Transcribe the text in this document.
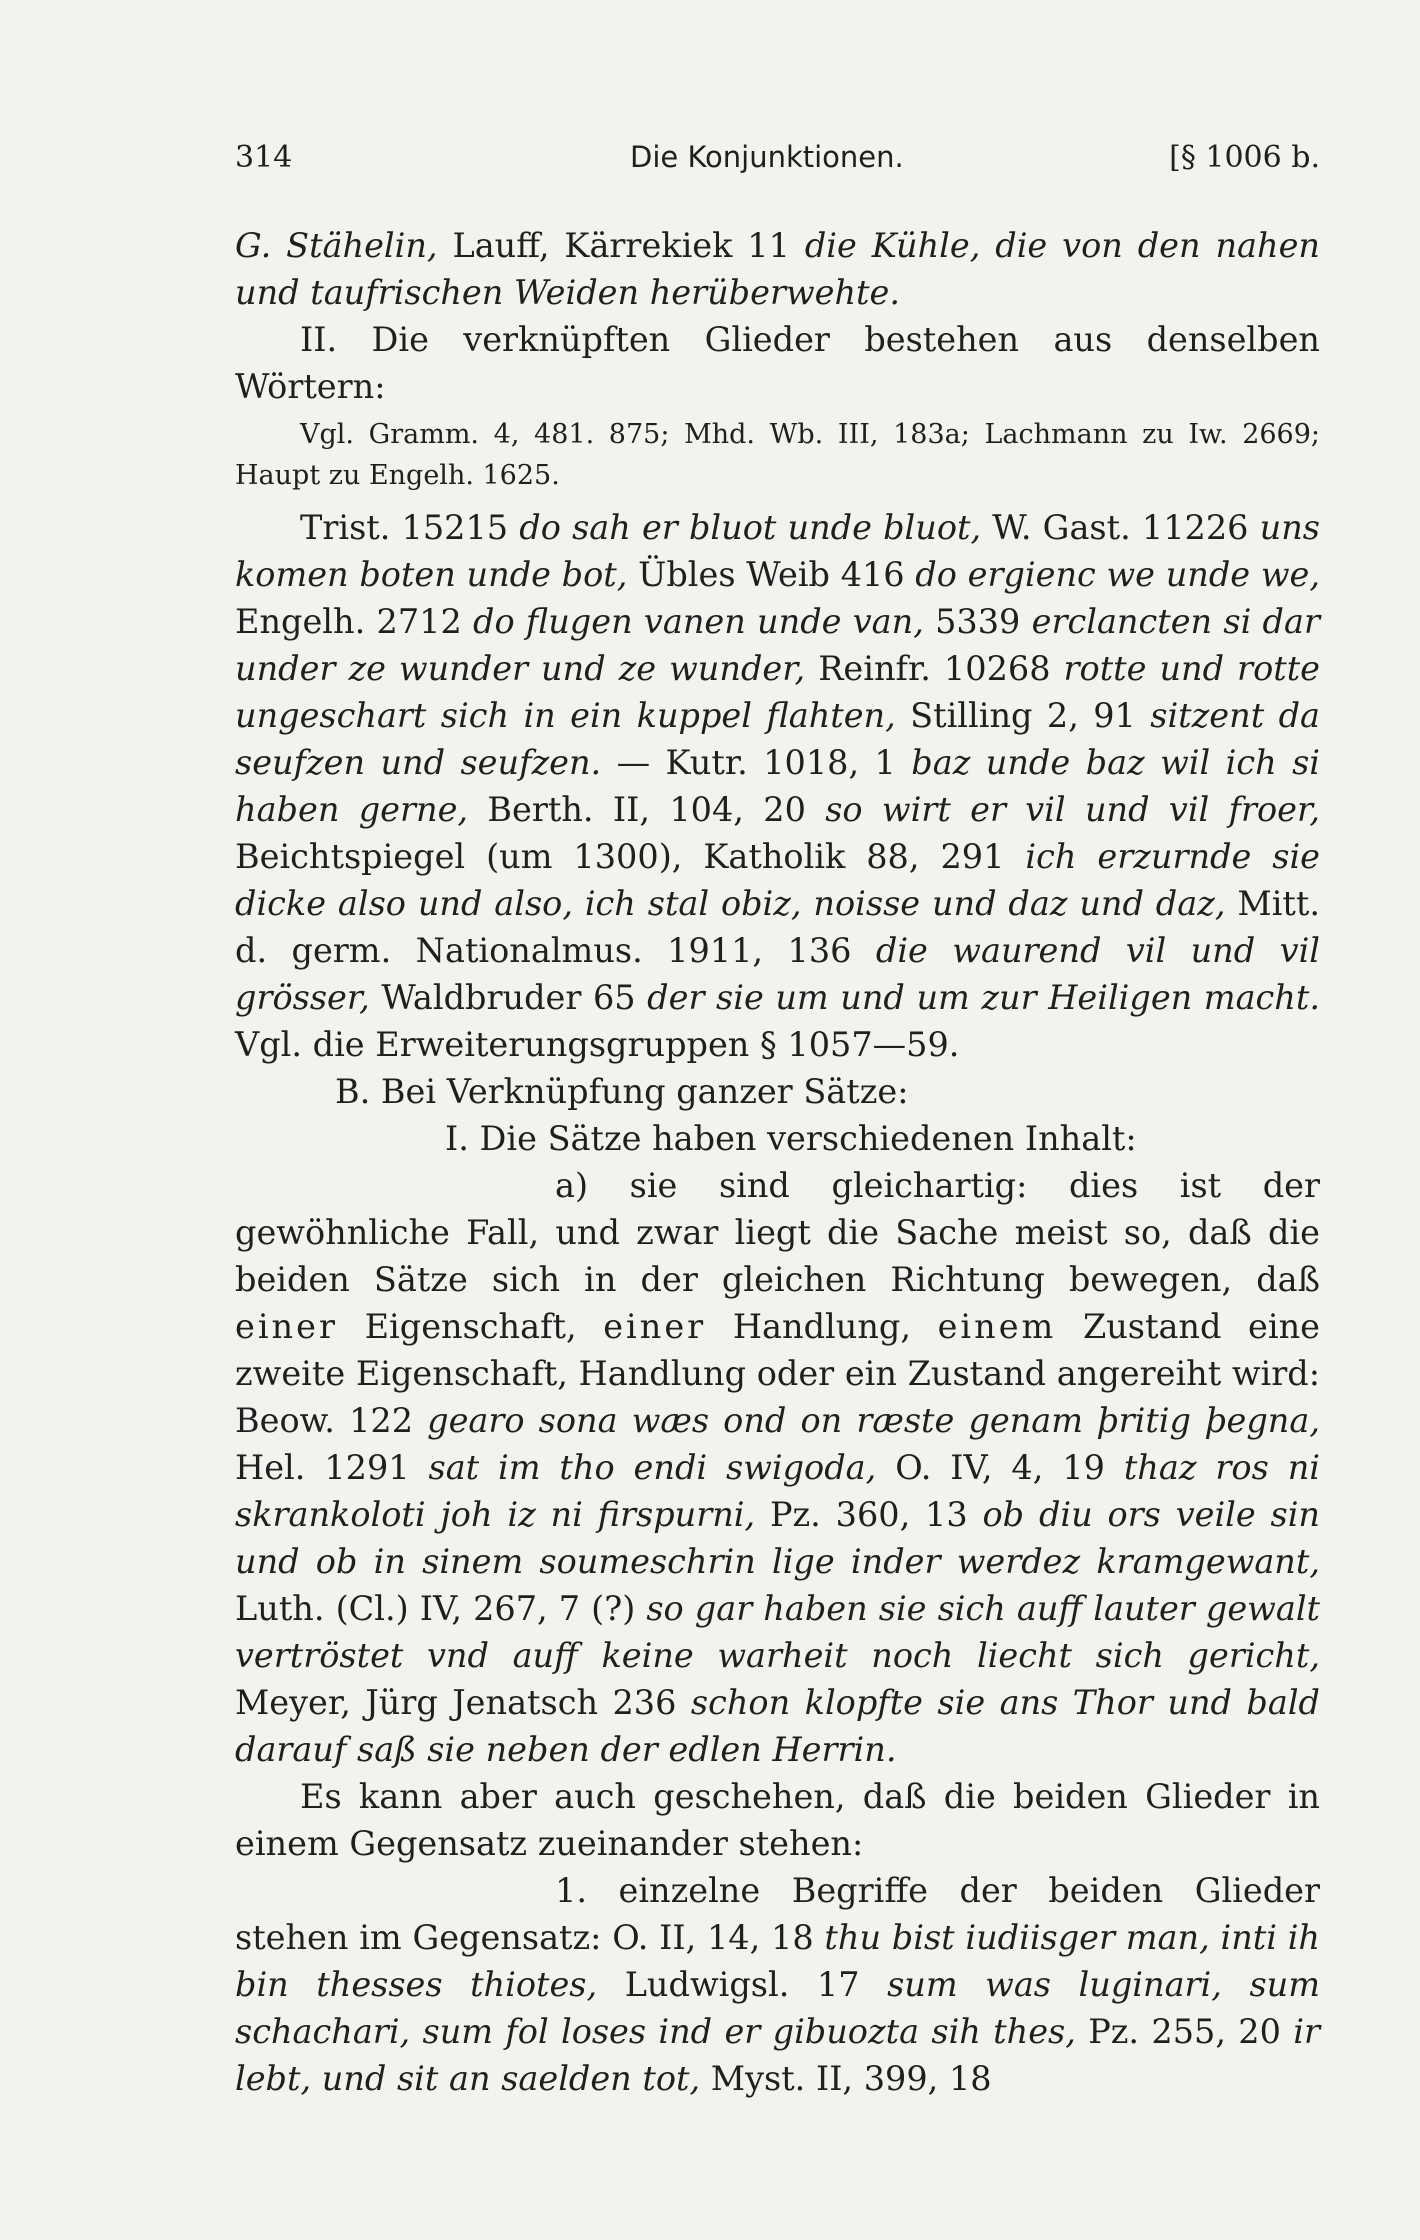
314	Die Konjunktionen.	[§ 1006 b.

G. Stähelin, Lauff, Kärrekiek 11 die Kühle, die von den nahen und taufrischen Weiden herüberwehte.

II. Die verknüpften Glieder bestehen aus denselben Wörtern:

Vgl. Gramm. 4, 481. 875; Mhd. Wb. III, 183a; Lachmann zu Iw. 2669; Haupt zu Engelh. 1625.

Trist. 15215 do sah er bluot unde bluot, W. Gast. 11226 uns komen boten unde bot, Übles Weib 416 do ergienc we unde we, Engelh. 2712 do flugen vanen unde van, 5339 erclancten si dar under ze wunder und ze wunder, Reinfr. 10268 rotte und rotte ungeschart sich in ein kuppel flahten, Stilling 2, 91 sitzent da seufzen und seufzen. — Kutr. 1018, 1 baz unde baz wil ich si haben gerne, Berth. II, 104, 20 so wirt er vil und vil froer, Beichtspiegel (um 1300), Katholik 88, 291 ich erzurnde sie dicke also und also, ich stal obiz, noisse und daz und daz, Mitt. d. germ. Nationalmus. 1911, 136 die waurend vil und vil grösser, Waldbruder 65 der sie um und um zur Heiligen macht. Vgl. die Erweiterungsgruppen § 1057—59.

B. Bei Verknüpfung ganzer Sätze:

I. Die Sätze haben verschiedenen Inhalt:

a) sie sind gleichartig: dies ist der gewöhnliche Fall, und zwar liegt die Sache meist so, daß die beiden Sätze sich in der gleichen Richtung bewegen, daß einer Eigenschaft, einer Handlung, einem Zustand eine zweite Eigenschaft, Handlung oder ein Zustand angereiht wird: Beow. 122 gearo sona wæs ond on ræste genam þritig þegna, Hel. 1291 sat im tho endi swigoda, O. IV, 4, 19 thaz ros ni skrankoloti joh iz ni firspurni, Pz. 360, 13 ob diu ors veile sin und ob in sinem soumeschrin lige inder werdez kramgewant, Luth. (Cl.) IV, 267, 7 (?) so gar haben sie sich auff lauter gewalt vertröstet vnd auff keine warheit noch liecht sich gericht, Meyer, Jürg Jenatsch 236 schon klopfte sie ans Thor und bald darauf saß sie neben der edlen Herrin.

Es kann aber auch geschehen, daß die beiden Glieder in einem Gegensatz zueinander stehen:

1. einzelne Begriffe der beiden Glieder stehen im Gegensatz: O. II, 14, 18 thu bist iudiisger man, inti ih bin thesses thiotes, Ludwigsl. 17 sum was luginari, sum schachari, sum fol loses ind er gibuozta sih thes, Pz. 255, 20 ir lebt, und sit an saelden tot, Myst. II, 399, 18
